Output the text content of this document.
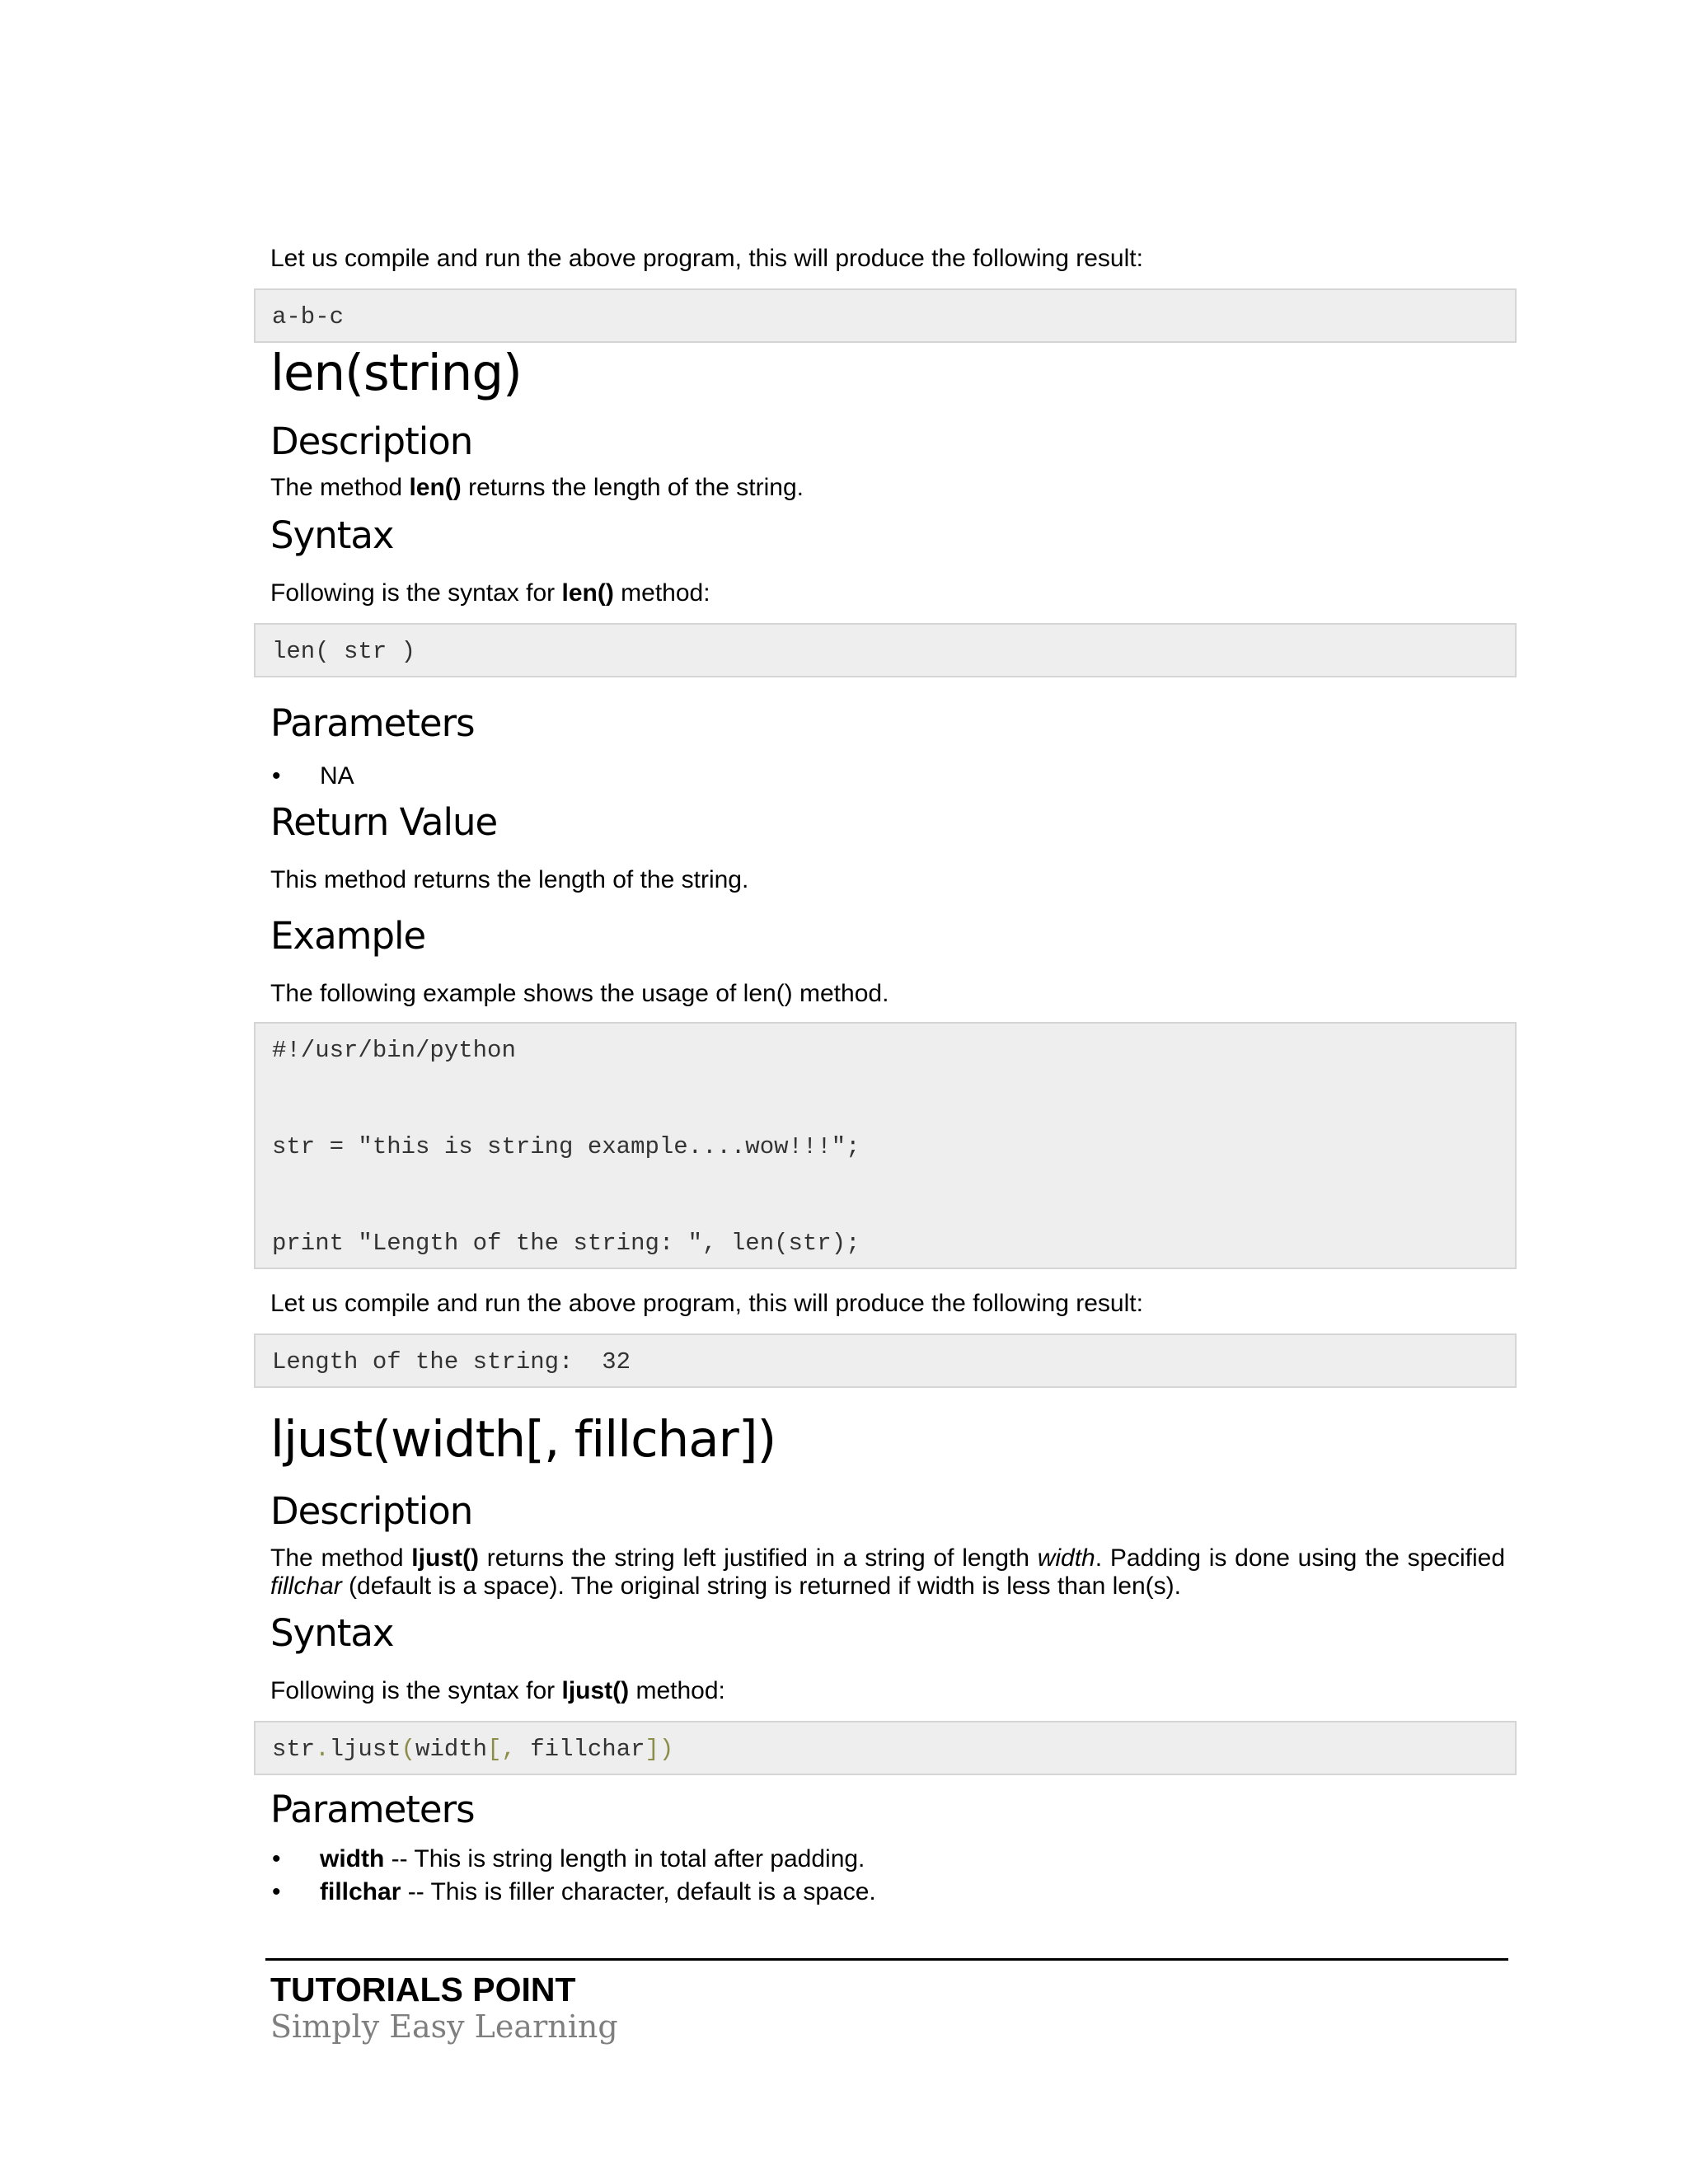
Let us compile and run the above program, this will produce the following result:

a-b-c
len(string)
Description

The method len() returns the length of the string.

Syntax

Following is the syntax for len() method:

len( str )
Parameters
• NA

Return Value

This method returns the length of the string.

Example

The following example shows the usage of len() method.

#!/usr/bin/python
str = "this is string example....wow!!!";
print "Length of the string: ", len(str);

Let us compile and run the above program, this will produce the following result:

Length of the string:  32
ljust(width[, fillchar])
Description

The method ljust() returns the string left justified in a string of length width. Padding is done using the specified fillchar (default is a space). The original string is returned if width is less than len(s).

Syntax

Following is the syntax for ljust() method:

str.ljust(width[, fillchar])
Parameters
• width -- This is string length in total after padding.

• fillchar -- This is filler character, default is a space.

TUTORIALS POINT

Simply Easy Learning
